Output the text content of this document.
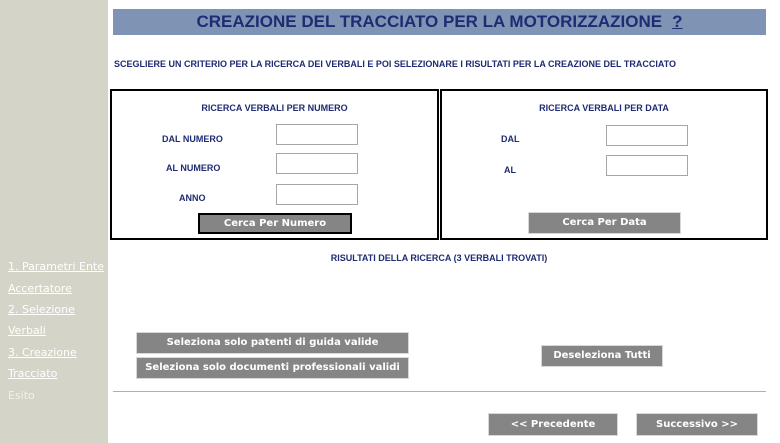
1. Parametri Ente
Accertatore
2. Selezione
Verbali
3. Creazione
Tracciato
Esito
CREAZIONE DEL TRACCIATO PER LA MOTORIZZAZIONE ?
SCEGLIERE UN CRITERIO PER LA RICERCA DEI VERBALI E POI SELEZIONARE I RISULTATI PER LA CREAZIONE DEL TRACCIATO
RICERCA VERBALI PER NUMERO
DAL NUMERO
AL NUMERO
ANNO
Cerca Per Numero
RICERCA VERBALI PER DATA
DAL
AL
Cerca Per Data
RISULTATI DELLA RICERCA (3 VERBALI TROVATI)
Seleziona solo patenti di guida valide
Seleziona solo documenti professionali validi
Deseleziona Tutti
<< Precedente	Successivo >>
